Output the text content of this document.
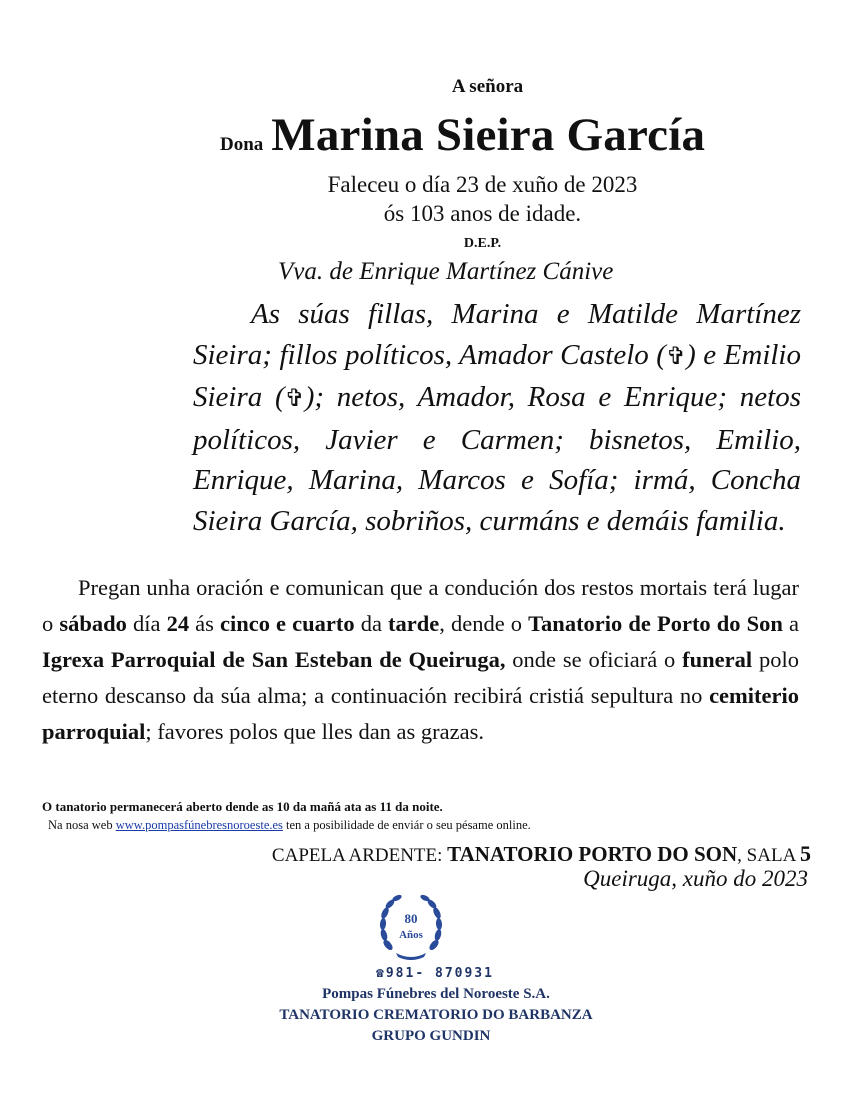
A señora
Dona Marina Sieira García
Faleceu o día 23 de xuño de 2023
ós 103 anos de idade.
D.E.P.
Vva. de Enrique Martínez Cánive
As súas fillas, Marina e Matilde Martínez Sieira; fillos políticos, Amador Castelo (✞) e Emilio Sieira (✞); netos, Amador, Rosa e Enrique; netos políticos, Javier e Carmen; bisnetos, Emilio, Enrique, Marina, Marcos e Sofía; irmá, Concha Sieira García, sobriños, curmáns e demáis familia.
Pregan unha oración e comunican que a condución dos restos mortais terá lugar o sábado día 24 ás cinco e cuarto da tarde, dende o Tanatorio de Porto do Son a Igrexa Parroquial de San Esteban de Queiruga, onde se oficiará o funeral polo eterno descanso da súa alma; a continuación recibirá cristiá sepultura no cemiterio parroquial; favores polos que lles dan as grazas.
O tanatorio permanecerá aberto dende as 10 da mañá ata as 11 da noite.
Na nosa web www.pompasfúnebresnoroeste.es ten a posibilidade de enviár o seu pésame online.
CAPELA ARDENTE: TANATORIO PORTO DO SON, SALA 5
Queiruga, xuño do 2023
80
Años
☎981- 870931
Pompas Fúnebres del Noroeste S.A.
TANATORIO CREMATORIO DO BARBANZA
GRUPO GUNDIN
